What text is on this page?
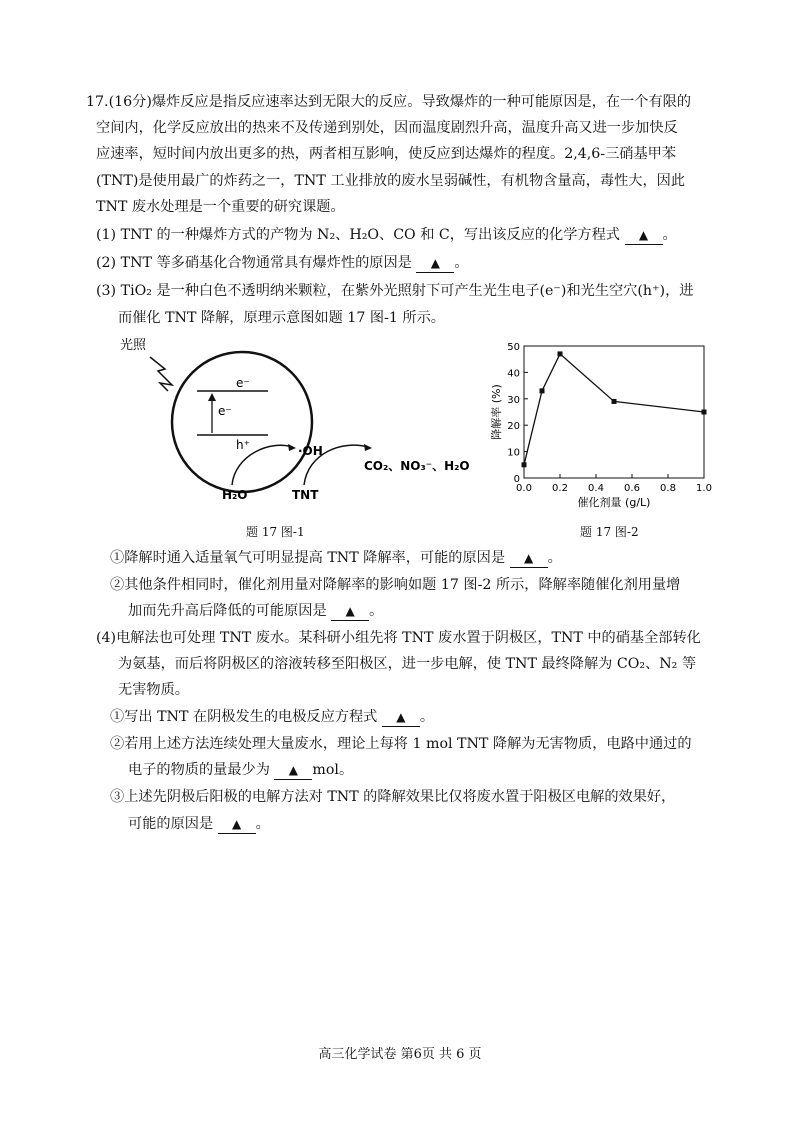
17.(16分)爆炸反应是指反应速率达到无限大的反应。导致爆炸的一种可能原因是，在一个有限的
空间内，化学反应放出的热来不及传递到别处，因而温度剧烈升高，温度升高又进一步加快反
应速率，短时间内放出更多的热，两者相互影响，使反应到达爆炸的程度。2,4,6-三硝基甲苯
(TNT)是使用最广的炸药之一，TNT 工业排放的废水呈弱碱性，有机物含量高，毒性大，因此
TNT 废水处理是一个重要的研究课题。
(1) TNT 的一种爆炸方式的产物为 N₂、H₂O、CO 和 C，写出该反应的化学方程式 ▲ 。
(2) TNT 等多硝基化合物通常具有爆炸性的原因是 ▲ 。
(3) TiO₂ 是一种白色不透明纳米颗粒，在紫外光照射下可产生光生电子(e⁻)和光生空穴(h⁺)，进
而催化 TNT 降解，原理示意图如题 17 图-1 所示。
光照
e⁻
e⁻
h⁺
H₂O
·OH
TNT
CO₂、NO₃⁻、H₂O
题 17 图-1
0
10
20
30
40
50
0.0 0.2 0.4 0.6 0.8 1.0
降解率 (%)
催化剂量 (g/L)
题 17 图-2
①降解时通入适量氧气可明显提高 TNT 降解率，可能的原因是 ▲ 。
②其他条件相同时，催化剂用量对降解率的影响如题 17 图-2 所示，降解率随催化剂用量增
加而先升高后降低的可能原因是 ▲ 。
(4)电解法也可处理 TNT 废水。某科研小组先将 TNT 废水置于阴极区，TNT 中的硝基全部转化
为氨基，而后将阴极区的溶液转移至阳极区，进一步电解，使 TNT 最终降解为 CO₂、N₂ 等
无害物质。
①写出 TNT 在阴极发生的电极反应方程式 ▲ 。
②若用上述方法连续处理大量废水，理论上每将 1 mol TNT 降解为无害物质，电路中通过的
电子的物质的量最少为 ▲ mol。
③上述先阴极后阳极的电解方法对 TNT 的降解效果比仅将废水置于阳极区电解的效果好，
可能的原因是 ▲ 。
高三化学试卷 第6页 共 6 页
